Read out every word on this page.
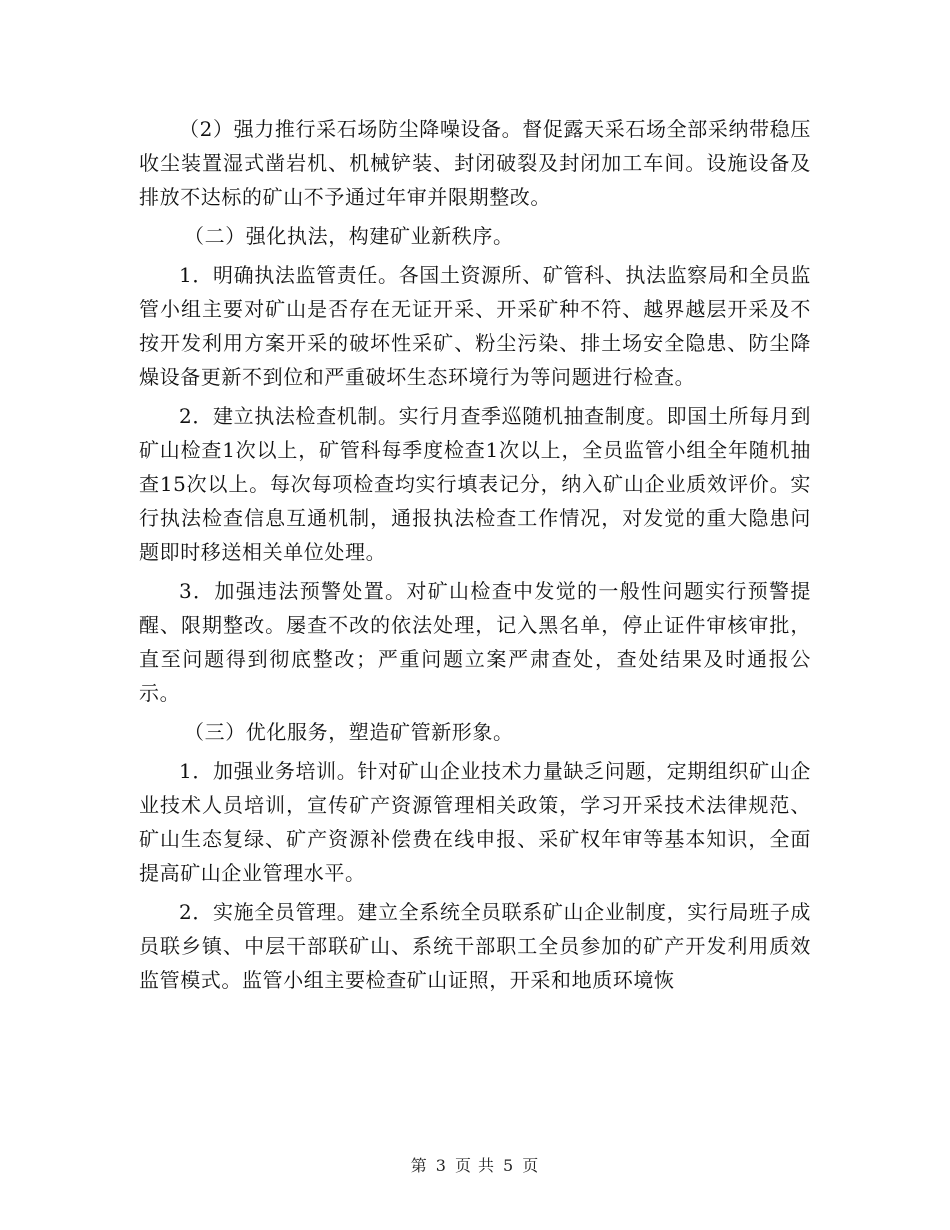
（2）强力推行采石场防尘降噪设备。督促露天采石场全部采纳带稳压收尘装置湿式凿岩机、机械铲装、封闭破裂及封闭加工车间。设施设备及排放不达标的矿山不予通过年审并限期整改。

（二）强化执法，构建矿业新秩序。

1．明确执法监管责任。各国土资源所、矿管科、执法监察局和全员监管小组主要对矿山是否存在无证开采、开采矿种不符、越界越层开采及不按开发利用方案开采的破坏性采矿、粉尘污染、排土场安全隐患、防尘降燥设备更新不到位和严重破坏生态环境行为等问题进行检查。

2．建立执法检查机制。实行月查季巡随机抽查制度。即国土所每月到矿山检查1次以上，矿管科每季度检查1次以上，全员监管小组全年随机抽查15次以上。每次每项检查均实行填表记分，纳入矿山企业质效评价。实行执法检查信息互通机制，通报执法检查工作情况，对发觉的重大隐患问题即时移送相关单位处理。

3．加强违法预警处置。对矿山检查中发觉的一般性问题实行预警提醒、限期整改。屡查不改的依法处理，记入黑名单，停止证件审核审批，直至问题得到彻底整改；严重问题立案严肃查处，查处结果及时通报公示。

（三）优化服务，塑造矿管新形象。

1．加强业务培训。针对矿山企业技术力量缺乏问题，定期组织矿山企业技术人员培训，宣传矿产资源管理相关政策，学习开采技术法律规范、矿山生态复绿、矿产资源补偿费在线申报、采矿权年审等基本知识，全面提高矿山企业管理水平。

2．实施全员管理。建立全系统全员联系矿山企业制度，实行局班子成员联乡镇、中层干部联矿山、系统干部职工全员参加的矿产开发利用质效监管模式。监管小组主要检查矿山证照，开采和地质环境恢

第 3 页 共 5 页
